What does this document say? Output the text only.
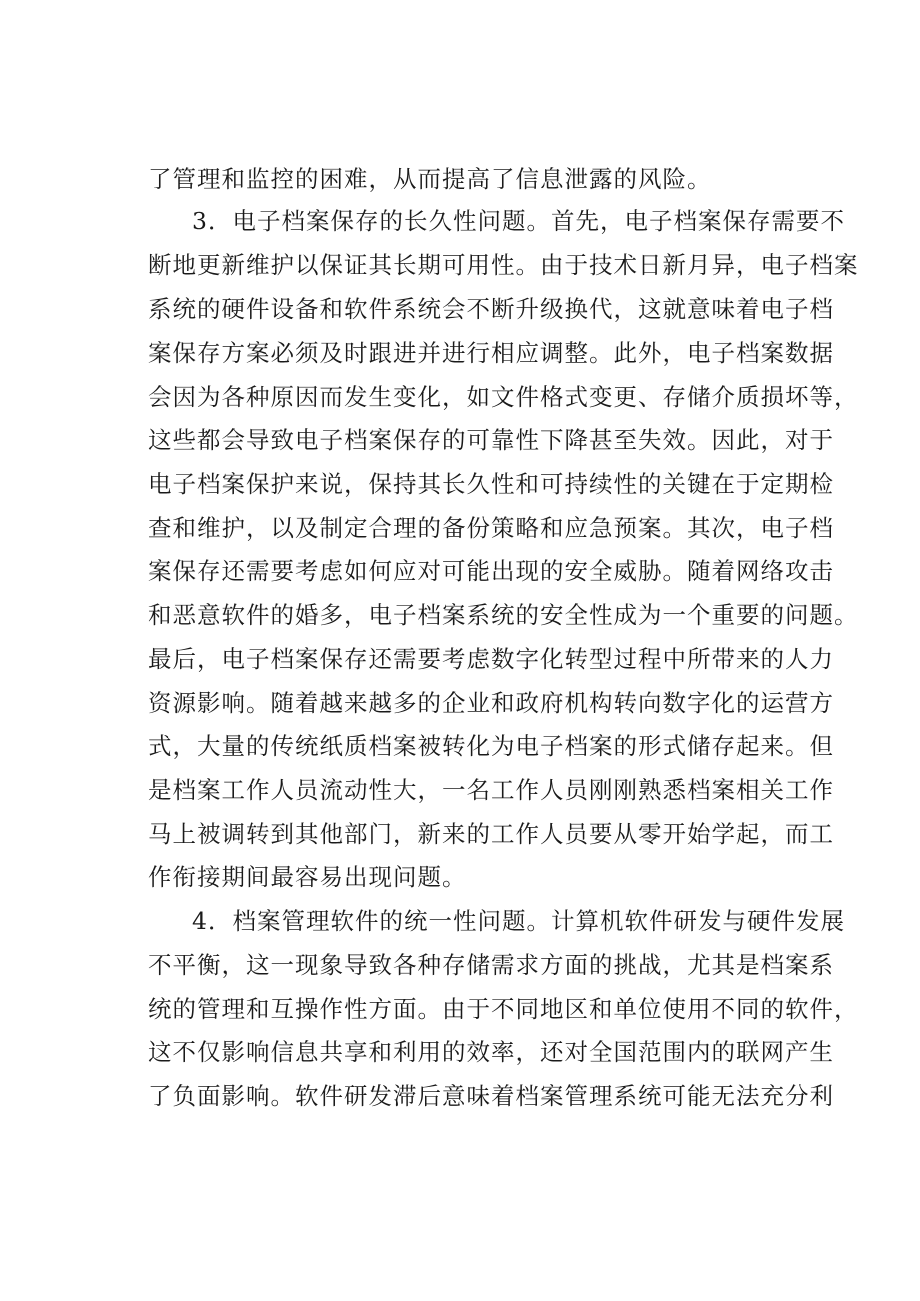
了管理和监控的困难，从而提高了信息泄露的风险。
3．电子档案保存的长久性问题。首先，电子档案保存需要不
断地更新维护以保证其长期可用性。由于技术日新月异，电子档案
系统的硬件设备和软件系统会不断升级换代，这就意味着电子档
案保存方案必须及时跟进并进行相应调整。此外，电子档案数据
会因为各种原因而发生变化，如文件格式变更、存储介质损坏等，
这些都会导致电子档案保存的可靠性下降甚至失效。因此，对于
电子档案保护来说，保持其长久性和可持续性的关键在于定期检
查和维护，以及制定合理的备份策略和应急预案。其次，电子档
案保存还需要考虑如何应对可能出现的安全威胁。随着网络攻击
和恶意软件的婚多，电子档案系统的安全性成为一个重要的问题。
最后，电子档案保存还需要考虑数字化转型过程中所带来的人力
资源影响。随着越来越多的企业和政府机构转向数字化的运营方
式，大量的传统纸质档案被转化为电子档案的形式储存起来。但
是档案工作人员流动性大，一名工作人员刚刚熟悉档案相关工作
马上被调转到其他部门，新来的工作人员要从零开始学起，而工
作衔接期间最容易出现问题。
4．档案管理软件的统一性问题。计算机软件研发与硬件发展
不平衡，这一现象导致各种存储需求方面的挑战，尤其是档案系
统的管理和互操作性方面。由于不同地区和单位使用不同的软件，
这不仅影响信息共享和利用的效率，还对全国范围内的联网产生
了负面影响。软件研发滞后意味着档案管理系统可能无法充分利
